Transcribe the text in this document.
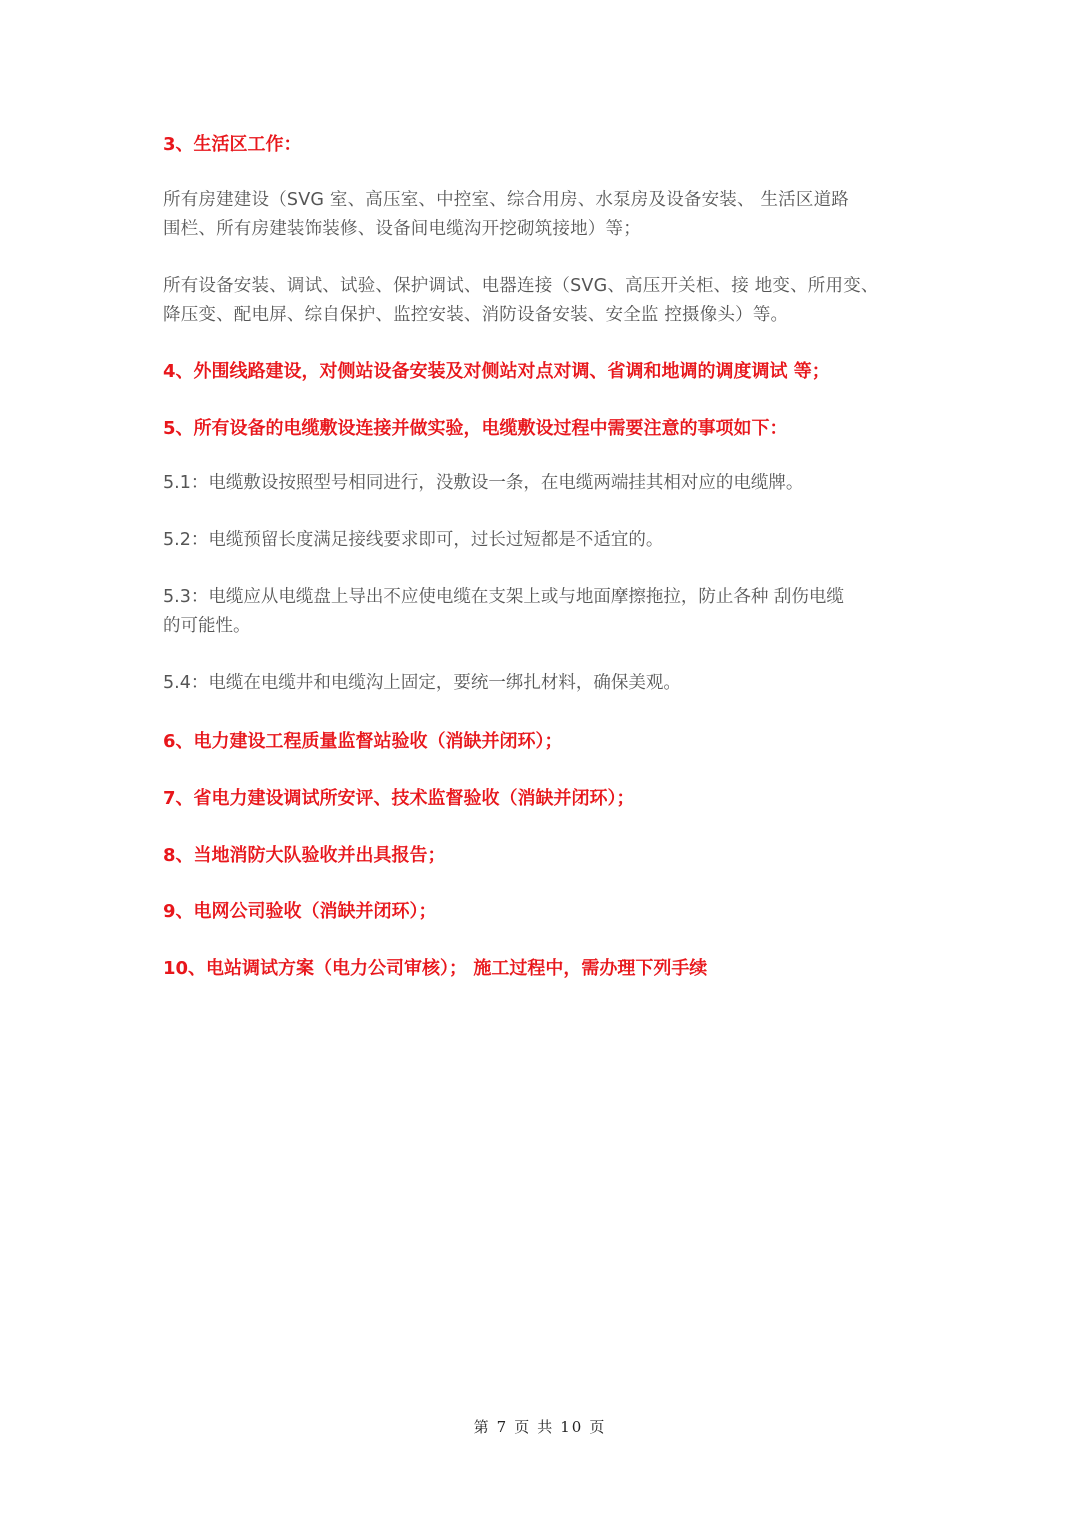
3、生活区工作：

所有房建建设（SVG 室、高压室、中控室、综合用房、水泵房及设备安装、 生活区道路

围栏、所有房建装饰装修、设备间电缆沟开挖砌筑接地）等；

所有设备安装、调试、试验、保护调试、电器连接（SVG、高压开关柜、接 地变、所用变、

降压变、配电屏、综自保护、监控安装、消防设备安装、安全监 控摄像头）等。

4、外围线路建设，对侧站设备安装及对侧站对点对调、省调和地调的调度调试 等；

5、所有设备的电缆敷设连接并做实验，电缆敷设过程中需要注意的事项如下：

5.1：电缆敷设按照型号相同进行，没敷设一条，在电缆两端挂其相对应的电缆牌。

5.2：电缆预留长度满足接线要求即可，过长过短都是不适宜的。

5.3：电缆应从电缆盘上导出不应使电缆在支架上或与地面摩擦拖拉，防止各种 刮伤电缆

的可能性。

5.4：电缆在电缆井和电缆沟上固定，要统一绑扎材料，确保美观。

6、电力建设工程质量监督站验收（消缺并闭环）；

7、省电力建设调试所安评、技术监督验收（消缺并闭环）；

8、当地消防大队验收并出具报告；

9、电网公司验收（消缺并闭环）；

10、电站调试方案（电力公司审核）； 施工过程中，需办理下列手续

第 7 页 共 10 页
